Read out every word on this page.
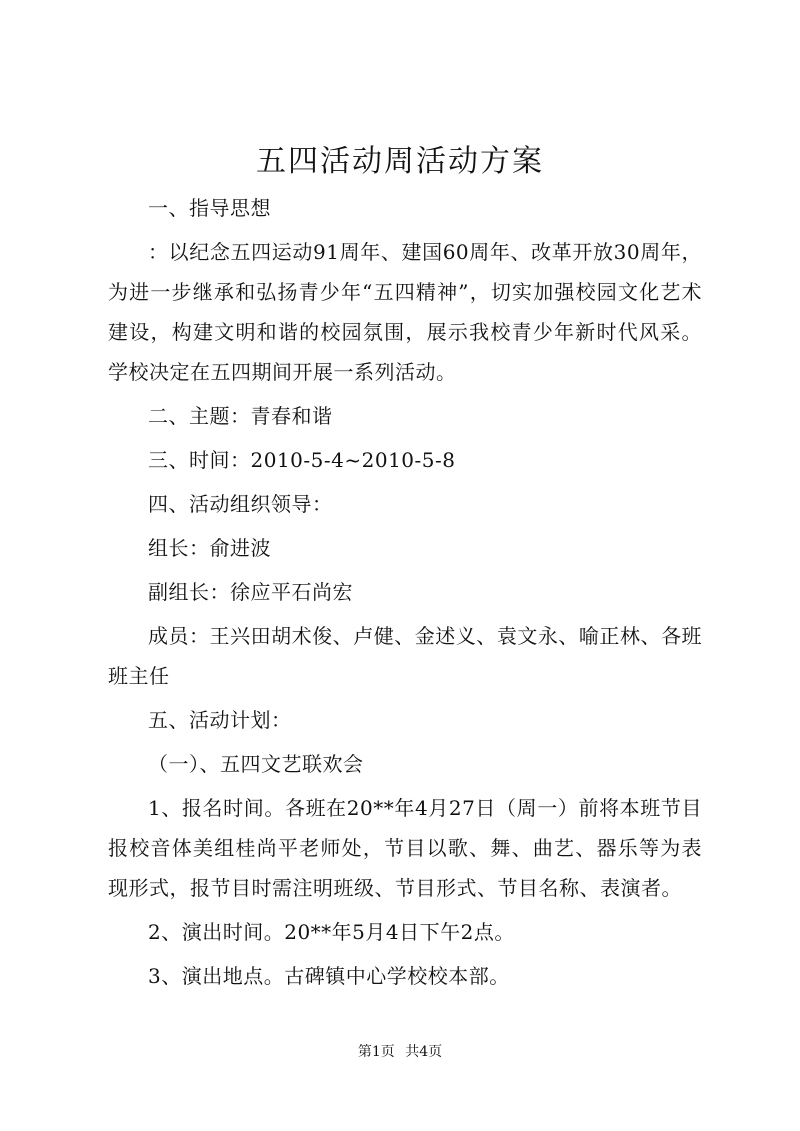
五四活动周活动方案

一、指导思想

：以纪念五四运动91周年、建国60周年、改革开放30周年，为进一步继承和弘扬青少年“五四精神”，切实加强校园文化艺术建设，构建文明和谐的校园氛围，展示我校青少年新时代风采。学校决定在五四期间开展一系列活动。

二、主题：青春和谐

三、时间：2010-5-4~2010-5-8

四、活动组织领导：

组长：俞进波

副组长：徐应平石尚宏

成员：王兴田胡术俊、卢健、金述义、袁文永、喻正林、各班班主任

五、活动计划：

（一）、五四文艺联欢会

1、报名时间。各班在20**年4月27日（周一）前将本班节目报校音体美组桂尚平老师处，节目以歌、舞、曲艺、器乐等为表现形式，报节目时需注明班级、节目形式、节目名称、表演者。

2、演出时间。20**年5月4日下午2点。

3、演出地点。古碑镇中心学校校本部。

第1页 共4页
